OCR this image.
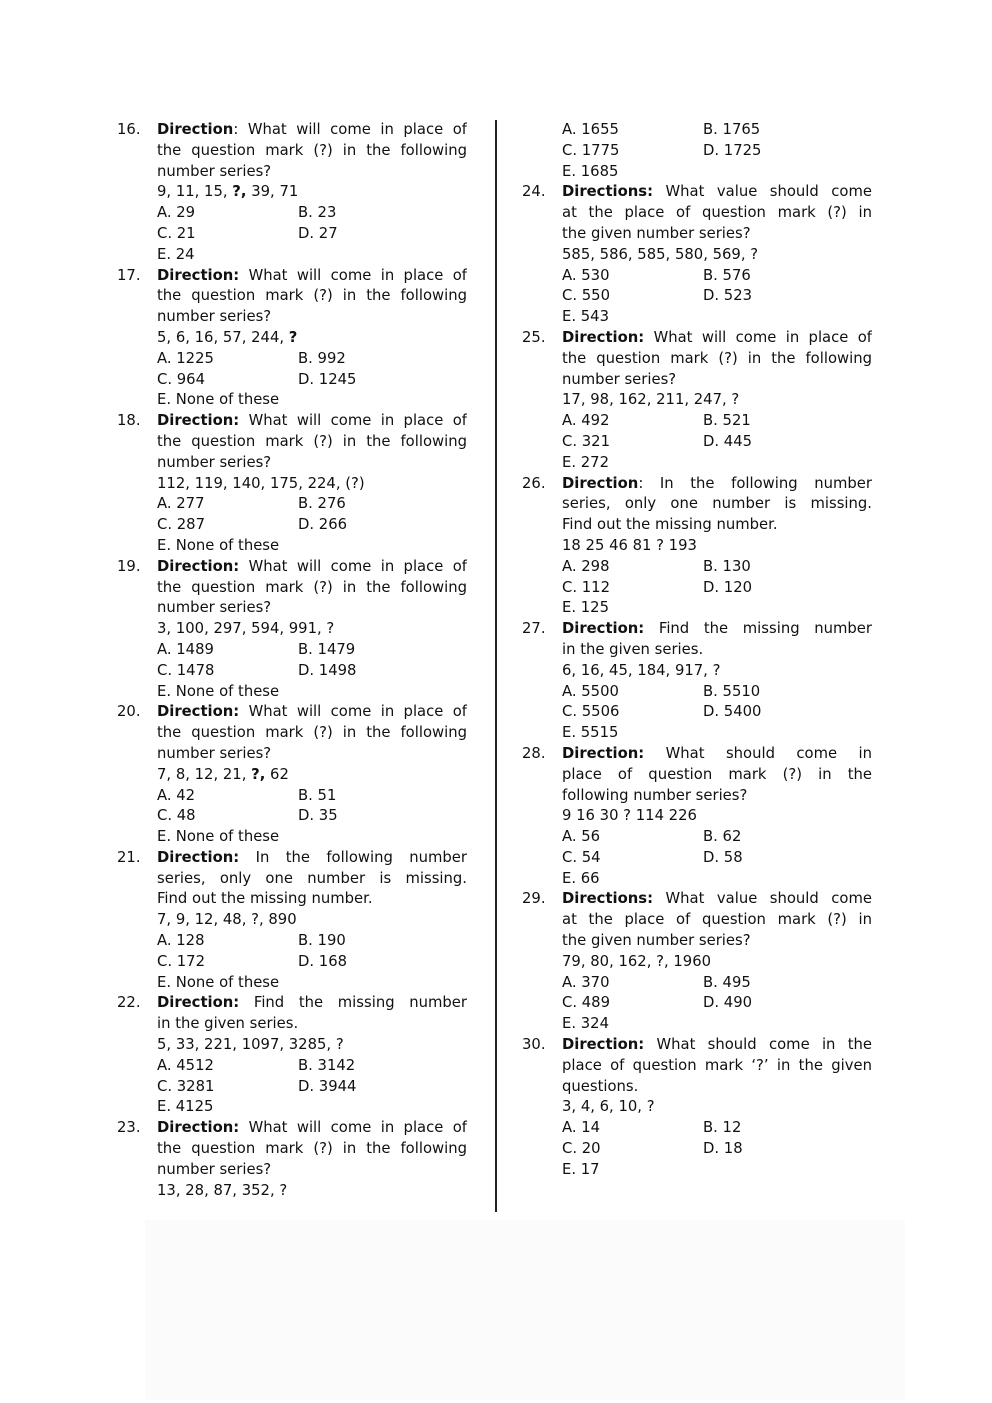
16. Direction: What will come in place of
the question mark (?) in the following
number series?
9, 11, 15, ?, 39, 71
A. 29	B. 23
C. 21	D. 27
E. 24
17. Direction: What will come in place of
the question mark (?) in the following
number series?
5, 6, 16, 57, 244, ?
A. 1225	B. 992
C. 964	D. 1245
E. None of these
18. Direction: What will come in place of
the question mark (?) in the following
number series?
112, 119, 140, 175, 224, (?)
A. 277	B. 276
C. 287	D. 266
E. None of these
19. Direction: What will come in place of
the question mark (?) in the following
number series?
3, 100, 297, 594, 991, ?
A. 1489	B. 1479
C. 1478	D. 1498
E. None of these
20. Direction: What will come in place of
the question mark (?) in the following
number series?
7, 8, 12, 21, ?, 62
A. 42	B. 51
C. 48	D. 35
E. None of these
21. Direction: In the following number
series, only one number is missing.
Find out the missing number.
7, 9, 12, 48, ?, 890
A. 128	B. 190
C. 172	D. 168
E. None of these
22. Direction: Find the missing number
in the given series.
5, 33, 221, 1097, 3285, ?
A. 4512	B. 3142
C. 3281	D. 3944
E. 4125
23. Direction: What will come in place of
the question mark (?) in the following
number series?
13, 28, 87, 352, ?
A. 1655	B. 1765
C. 1775	D. 1725
E. 1685
24. Directions: What value should come
at the place of question mark (?) in
the given number series?
585, 586, 585, 580, 569, ?
A. 530	B. 576
C. 550	D. 523
E. 543
25. Direction: What will come in place of
the question mark (?) in the following
number series?
17, 98, 162, 211, 247, ?
A. 492	B. 521
C. 321	D. 445
E. 272
26. Direction: In the following number
series, only one number is missing.
Find out the missing number.
18 25 46 81 ? 193
A. 298	B. 130
C. 112	D. 120
E. 125
27. Direction: Find the missing number
in the given series.
6, 16, 45, 184, 917, ?
A. 5500	B. 5510
C. 5506	D. 5400
E. 5515
28. Direction: What should come in
place of question mark (?) in the
following number series?
9 16 30 ? 114 226
A. 56	B. 62
C. 54	D. 58
E. 66
29. Directions: What value should come
at the place of question mark (?) in
the given number series?
79, 80, 162, ?, 1960
A. 370	B. 495
C. 489	D. 490
E. 324
30. Direction: What should come in the
place of question mark ‘?’ in the given
questions.
3, 4, 6, 10, ?
A. 14	B. 12
C. 20	D. 18
E. 17
